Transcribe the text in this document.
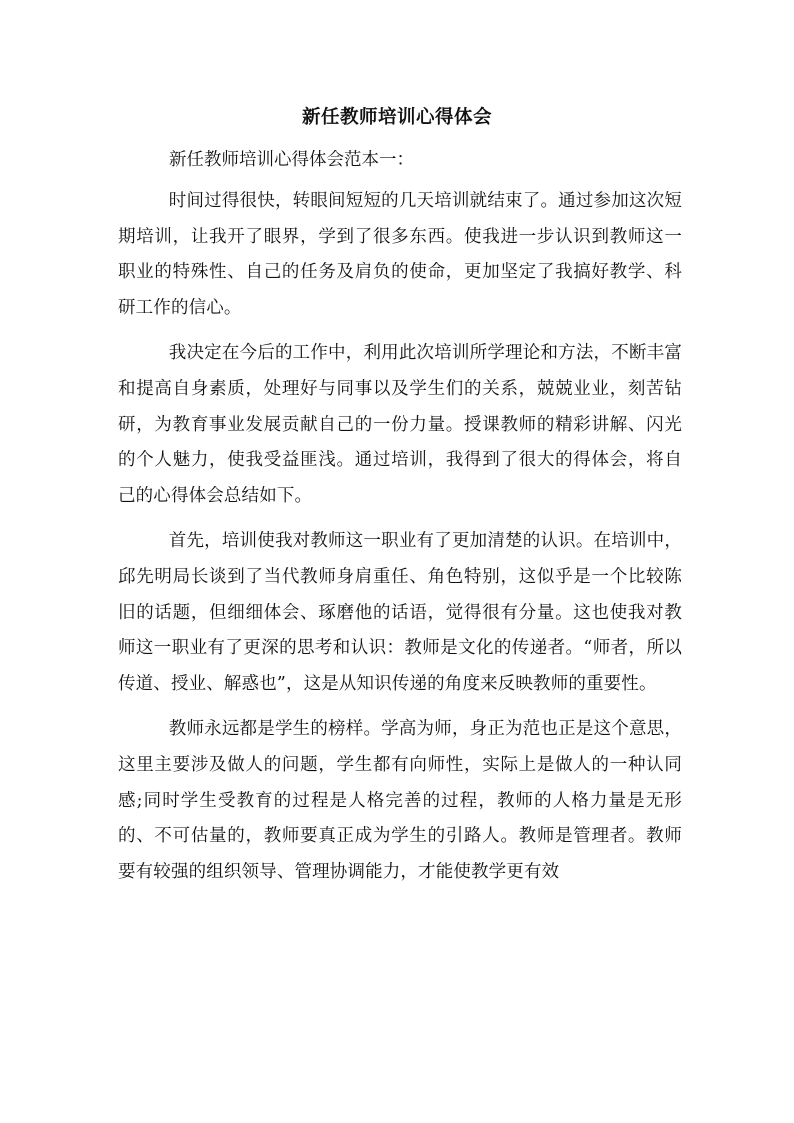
新任教师培训心得体会
新任教师培训心得体会范本一：

时间过得很快，转眼间短短的几天培训就结束了。通过参加这次短期培训，让我开了眼界，学到了很多东西。使我进一步认识到教师这一职业的特殊性、自己的任务及肩负的使命，更加坚定了我搞好教学、科研工作的信心。

我决定在今后的工作中，利用此次培训所学理论和方法，不断丰富和提高自身素质，处理好与同事以及学生们的关系，兢兢业业，刻苦钻研，为教育事业发展贡献自己的一份力量。授课教师的精彩讲解、闪光的个人魅力，使我受益匪浅。通过培训，我得到了很大的得体会，将自己的心得体会总结如下。

首先，培训使我对教师这一职业有了更加清楚的认识。在培训中，邱先明局长谈到了当代教师身肩重任、角色特别，这似乎是一个比较陈旧的话题，但细细体会、琢磨他的话语，觉得很有分量。这也使我对教师这一职业有了更深的思考和认识：教师是文化的传递者。“师者，所以传道、授业、解惑也”，这是从知识传递的角度来反映教师的重要性。

教师永远都是学生的榜样。学高为师，身正为范也正是这个意思，这里主要涉及做人的问题，学生都有向师性，实际上是做人的一种认同感;同时学生受教育的过程是人格完善的过程，教师的人格力量是无形的、不可估量的，教师要真正成为学生的引路人。教师是管理者。教师要有较强的组织领导、管理协调能力，才能使教学更有效
